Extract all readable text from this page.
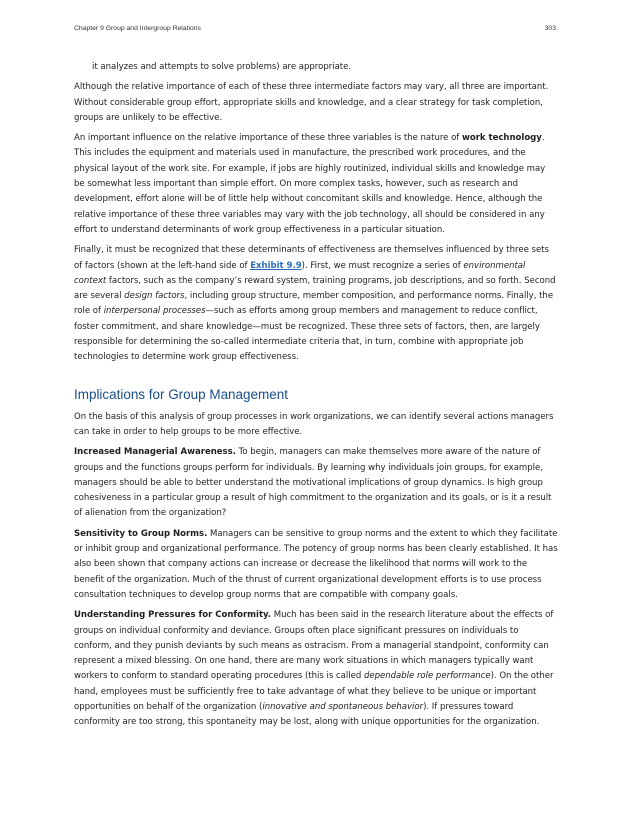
Chapter 9 Group and Intergroup Relations	303

it analyzes and attempts to solve problems) are appropriate.

Although the relative importance of each of these three intermediate factors may vary, all three are important. Without considerable group effort, appropriate skills and knowledge, and a clear strategy for task completion, groups are unlikely to be effective.

An important influence on the relative importance of these three variables is the nature of work technology. This includes the equipment and materials used in manufacture, the prescribed work procedures, and the physical layout of the work site. For example, if jobs are highly routinized, individual skills and knowledge may be somewhat less important than simple effort. On more complex tasks, however, such as research and development, effort alone will be of little help without concomitant skills and knowledge. Hence, although the relative importance of these three variables may vary with the job technology, all should be considered in any effort to understand determinants of work group effectiveness in a particular situation.

Finally, it must be recognized that these determinants of effectiveness are themselves influenced by three sets of factors (shown at the left-hand side of Exhibit 9.9). First, we must recognize a series of environmental context factors, such as the company’s reward system, training programs, job descriptions, and so forth. Second are several design factors, including group structure, member composition, and performance norms. Finally, the role of interpersonal processes—such as efforts among group members and management to reduce conflict, foster commitment, and share knowledge—must be recognized. These three sets of factors, then, are largely responsible for determining the so-called intermediate criteria that, in turn, combine with appropriate job technologies to determine work group effectiveness.

Implications for Group Management

On the basis of this analysis of group processes in work organizations, we can identify several actions managers can take in order to help groups to be more effective.

Increased Managerial Awareness. To begin, managers can make themselves more aware of the nature of groups and the functions groups perform for individuals. By learning why individuals join groups, for example, managers should be able to better understand the motivational implications of group dynamics. Is high group cohesiveness in a particular group a result of high commitment to the organization and its goals, or is it a result of alienation from the organization?

Sensitivity to Group Norms. Managers can be sensitive to group norms and the extent to which they facilitate or inhibit group and organizational performance. The potency of group norms has been clearly established. It has also been shown that company actions can increase or decrease the likelihood that norms will work to the benefit of the organization. Much of the thrust of current organizational development efforts is to use process consultation techniques to develop group norms that are compatible with company goals.

Understanding Pressures for Conformity. Much has been said in the research literature about the effects of groups on individual conformity and deviance. Groups often place significant pressures on individuals to conform, and they punish deviants by such means as ostracism. From a managerial standpoint, conformity can represent a mixed blessing. On one hand, there are many work situations in which managers typically want workers to conform to standard operating procedures (this is called dependable role performance). On the other hand, employees must be sufficiently free to take advantage of what they believe to be unique or important opportunities on behalf of the organization (innovative and spontaneous behavior). If pressures toward conformity are too strong, this spontaneity may be lost, along with unique opportunities for the organization.
